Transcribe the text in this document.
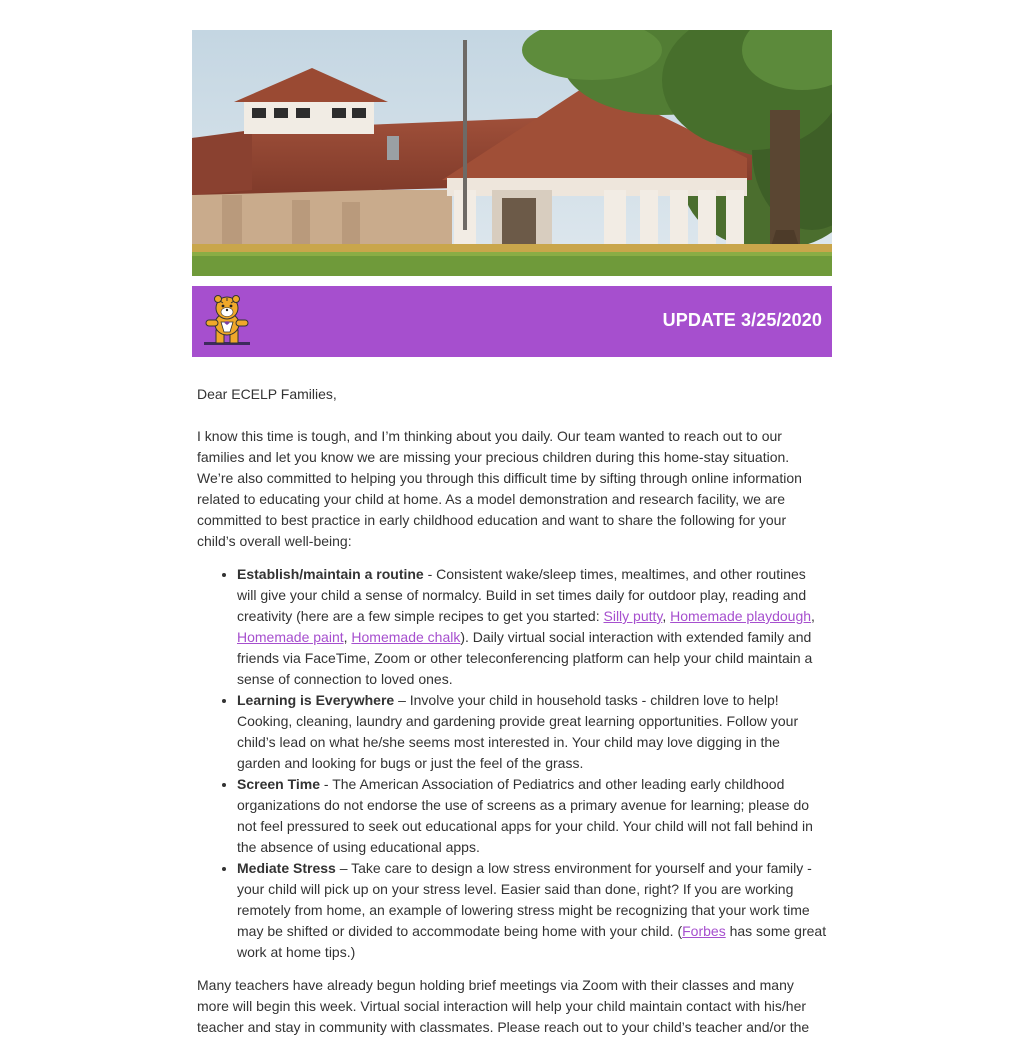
UPDATE 3/25/2020

Dear ECELP Families,

I know this time is tough, and I’m thinking about you daily. Our team wanted to reach out to our families and let you know we are missing your precious children during this home-stay situation. We’re also committed to helping you through this difficult time by sifting through online information related to educating your child at home. As a model demonstration and research facility, we are committed to best practice in early childhood education and want to share the following for your child’s overall well-being:

• Establish/maintain a routine - Consistent wake/sleep times, mealtimes, and other routines will give your child a sense of normalcy. Build in set times daily for outdoor play, reading and creativity (here are a few simple recipes to get you started: Silly putty, Homemade playdough, Homemade paint, Homemade chalk). Daily virtual social interaction with extended family and friends via FaceTime, Zoom or other teleconferencing platform can help your child maintain a sense of connection to loved ones.
• Learning is Everywhere – Involve your child in household tasks - children love to help! Cooking, cleaning, laundry and gardening provide great learning opportunities. Follow your child’s lead on what he/she seems most interested in. Your child may love digging in the garden and looking for bugs or just the feel of the grass.
• Screen Time - The American Association of Pediatrics and other leading early childhood organizations do not endorse the use of screens as a primary avenue for learning; please do not feel pressured to seek out educational apps for your child. Your child will not fall behind in the absence of using educational apps.
• Mediate Stress – Take care to design a low stress environment for yourself and your family - your child will pick up on your stress level. Easier said than done, right? If you are working remotely from home, an example of lowering stress might be recognizing that your work time may be shifted or divided to accommodate being home with your child. (Forbes has some great work at home tips.)

Many teachers have already begun holding brief meetings via Zoom with their classes and many more will begin this week. Virtual social interaction will help your child maintain contact with his/her teacher and stay in community with classmates. Please reach out to your child’s teacher and/or the
